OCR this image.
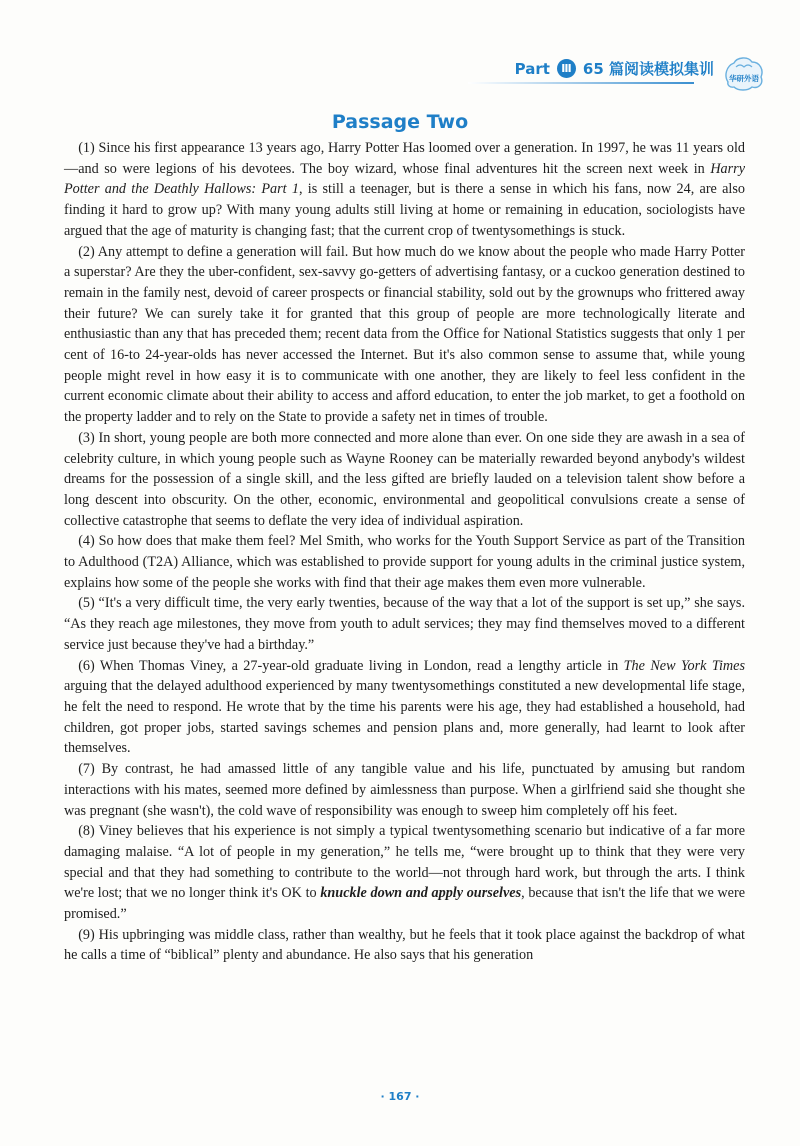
Part	Ⅲ 65 篇阅读模拟集训
华研外语
Passage Two

(1) Since his first appearance 13 years ago, Harry Potter Has loomed over a generation. In 1997, he was 11 years old—and so were legions of his devotees. The boy wizard, whose final adventures hit the screen next week in Harry Potter and the Deathly Hallows: Part 1, is still a teenager, but is there a sense in which his fans, now 24, are also finding it hard to grow up? With many young adults still living at home or remaining in education, sociologists have argued that the age of maturity is changing fast; that the current crop of twentysomethings is stuck.

(2) Any attempt to define a generation will fail. But how much do we know about the people who made Harry Potter a superstar? Are they the uber-confident, sex-savvy go-getters of advertising fantasy, or a cuckoo generation destined to remain in the family nest, devoid of career prospects or financial stability, sold out by the grownups who frittered away their future? We can surely take it for granted that this group of people are more technologically literate and enthusiastic than any that has preceded them; recent data from the Office for National Statistics suggests that only 1 per cent of 16-to 24-year-olds has never accessed the Internet. But it's also common sense to assume that, while young people might revel in how easy it is to communicate with one another, they are likely to feel less confident in the current economic climate about their ability to access and afford education, to enter the job market, to get a foothold on the property ladder and to rely on the State to provide a safety net in times of trouble.

(3) In short, young people are both more connected and more alone than ever. On one side they are awash in a sea of celebrity culture, in which young people such as Wayne Rooney can be materially rewarded beyond anybody's wildest dreams for the possession of a single skill, and the less gifted are briefly lauded on a television talent show before a long descent into obscurity. On the other, economic, environmental and geopolitical convulsions create a sense of collective catastrophe that seems to deflate the very idea of individual aspiration.

(4) So how does that make them feel? Mel Smith, who works for the Youth Support Service as part of the Transition to Adulthood (T2A) Alliance, which was established to provide support for young adults in the criminal justice system, explains how some of the people she works with find that their age makes them even more vulnerable.

(5) “It's a very difficult time, the very early twenties, because of the way that a lot of the support is set up,” she says. “As they reach age milestones, they move from youth to adult services; they may find themselves moved to a different service just because they've had a birthday.”

(6) When Thomas Viney, a 27-year-old graduate living in London, read a lengthy article in The New York Times arguing that the delayed adulthood experienced by many twentysomethings constituted a new developmental life stage, he felt the need to respond. He wrote that by the time his parents were his age, they had established a household, had children, got proper jobs, started savings schemes and pension plans and, more generally, had learnt to look after themselves.

(7) By contrast, he had amassed little of any tangible value and his life, punctuated by amusing but random interactions with his mates, seemed more defined by aimlessness than purpose. When a girlfriend said she thought she was pregnant (she wasn't), the cold wave of responsibility was enough to sweep him completely off his feet.

(8) Viney believes that his experience is not simply a typical twentysomething scenario but indicative of a far more damaging malaise. “A lot of people in my generation,” he tells me, “were brought up to think that they were very special and that they had something to contribute to the world—not through hard work, but through the arts. I think we're lost; that we no longer think it's OK to knuckle down and apply ourselves, because that isn't the life that we were promised.”

(9) His upbringing was middle class, rather than wealthy, but he feels that it took place against the backdrop of what he calls a time of “biblical” plenty and abundance. He also says that his generation

· 167 ·
